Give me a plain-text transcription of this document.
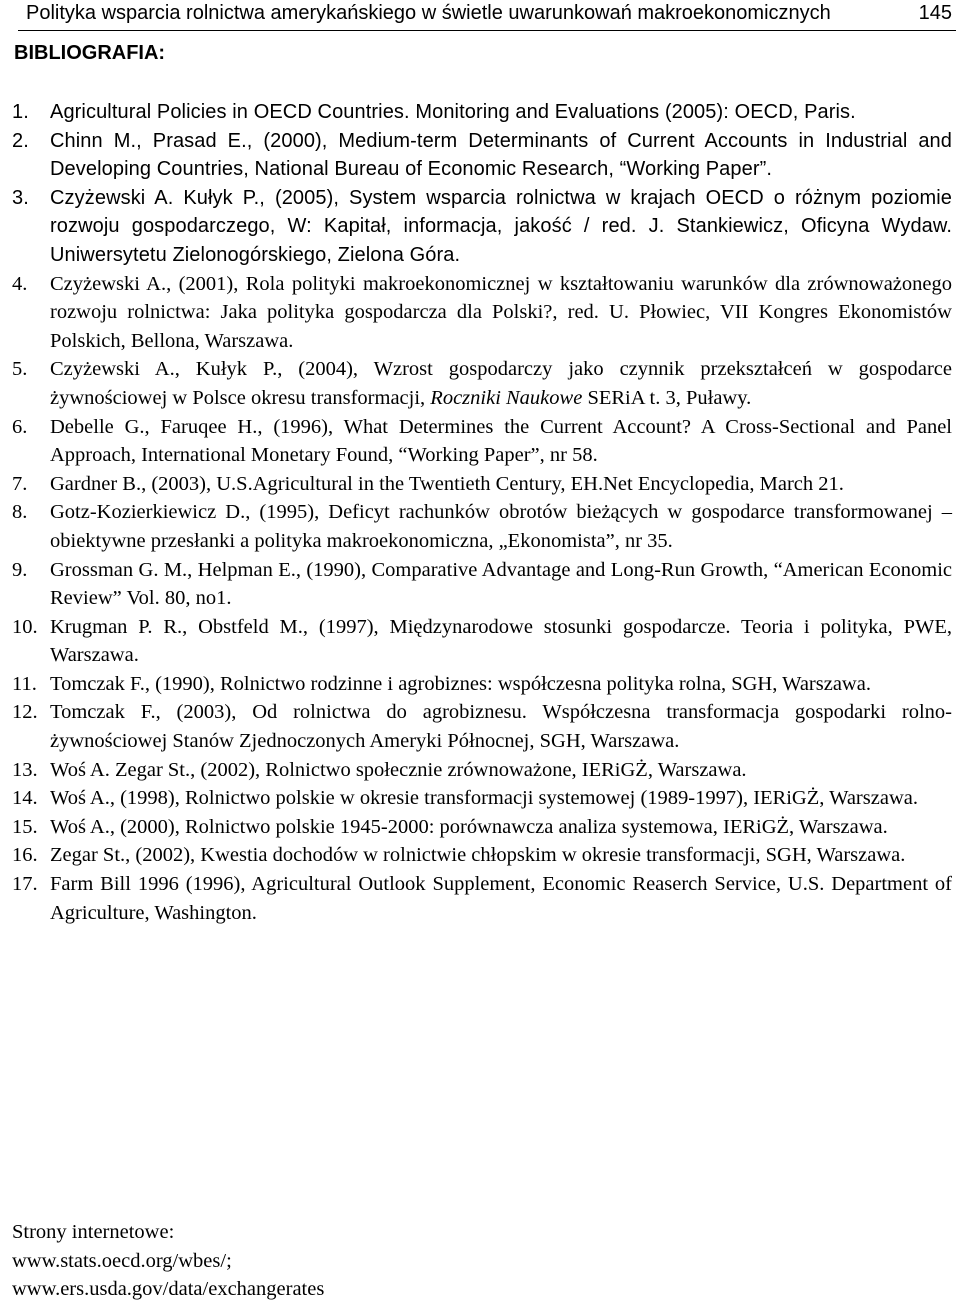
Polityka wsparcia rolnictwa amerykańskiego w świetle uwarunkowań makroekonomicznych	145
BIBLIOGRAFIA:
1. Agricultural Policies in OECD Countries. Monitoring and Evaluations (2005): OECD, Paris.
2. Chinn M., Prasad E., (2000), Medium-term Determinants of Current Accounts in Industrial and Developing Countries, National Bureau of Economic Research, “Working Paper”.
3. Czyżewski A. Kułyk P., (2005), System wsparcia rolnictwa w krajach OECD o różnym poziomie rozwoju gospodarczego, W: Kapitał, informacja, jakość / red. J. Stankiewicz, Oficyna Wydaw. Uniwersytetu Zielonogórskiego, Zielona Góra.
4. Czyżewski A., (2001), Rola polityki makroekonomicznej w kształtowaniu warunków dla zrównoważonego rozwoju rolnictwa: Jaka polityka gospodarcza dla Polski?, red. U. Płowiec, VII Kongres Ekonomistów Polskich, Bellona, Warszawa.
5. Czyżewski A., Kułyk P., (2004), Wzrost gospodarczy jako czynnik przekształceń w gospodarce żywnościowej w Polsce okresu transformacji, Roczniki Naukowe SERiA t. 3, Puławy.
6. Debelle G., Faruqee H., (1996), What Determines the Current Account? A Cross-Sectional and Panel Approach, International Monetary Found, “Working Paper”, nr 58.
7. Gardner B., (2003), U.S.Agricultural in the Twentieth Century, EH.Net Encyclopedia, March 21.
8. Gotz-Kozierkiewicz D., (1995), Deficyt rachunków obrotów bieżących w gospodarce transformowanej – obiektywne przesłanki a polityka makroekonomiczna, „Ekonomista”, nr 35.
9. Grossman G. M., Helpman E., (1990), Comparative Advantage and Long-Run Growth, “American Economic Review” Vol. 80, no1.
10. Krugman P. R., Obstfeld M., (1997), Międzynarodowe stosunki gospodarcze. Teoria i polityka, PWE, Warszawa.
11. Tomczak F., (1990), Rolnictwo rodzinne i agrobiznes: współczesna polityka rolna, SGH, Warszawa.
12. Tomczak F., (2003), Od rolnictwa do agrobiznesu. Współczesna transformacja gospodarki rolno-żywnościowej Stanów Zjednoczonych Ameryki Północnej, SGH, Warszawa.
13. Woś A. Zegar St., (2002), Rolnictwo społecznie zrównoważone, IERiGŻ, Warszawa.
14. Woś A., (1998), Rolnictwo polskie w okresie transformacji systemowej (1989-1997), IERiGŻ, Warszawa.
15. Woś A., (2000), Rolnictwo polskie 1945-2000: porównawcza analiza systemowa, IERiGŻ, Warszawa.
16. Zegar St., (2002), Kwestia dochodów w rolnictwie chłopskim w okresie transformacji, SGH, Warszawa.
17. Farm Bill 1996 (1996), Agricultural Outlook Supplement, Economic Reaserch Service, U.S. Department of Agriculture, Washington.
Strony internetowe:
www.stats.oecd.org/wbes/;
www.ers.usda.gov/data/exchangerates
